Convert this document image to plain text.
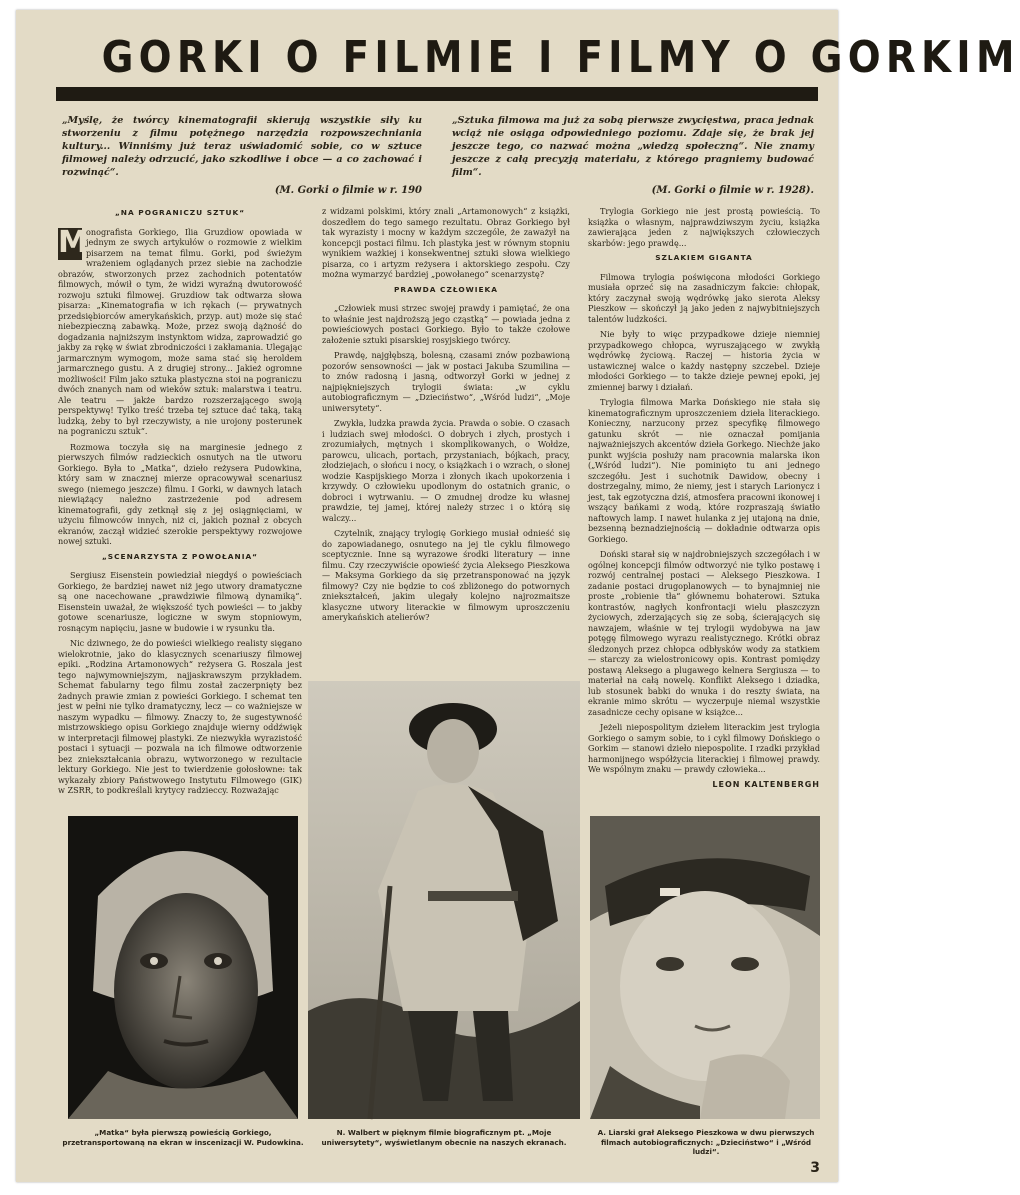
GORKI O FILMIE I FILMY O GORKIM
„Myślę, że twórcy kinematografii skierują wszystkie siły ku stworzeniu z filmu potężnego narzędzia rozpowszechniania kultury... Winniśmy już teraz uświadomić sobie, co w sztuce filmowej należy odrzucić, jako szkodliwe i obce — a co zachować i rozwinąć“.
(M. Gorki o filmie w r. 190
„Sztuka filmowa ma już za sobą pierwsze zwycięstwa, praca jednak wciąż nie osiąga odpowiedniego poziomu. Zdaje się, że brak jej jeszcze tego, co nazwać można „wiedzą społeczną“. Nie znamy jeszcze z całą precyzją materiału, z którego pragniemy budować film“.
(M. Gorki o filmie w r. 1928).
„NA POGRANICZU SZTUK“

M
onografista Gorkiego, Ilia Gruzdiow opowiada w jednym ze swych artykułów o rozmowie z wielkim pisarzem na temat filmu. Gorki, pod świeżym wrażeniem oglądanych przez siebie na zachodzie obrazów, stworzonych przez zachodnich potentatów filmowych, mówił o tym, że widzi wyraźną dwutorowość rozwoju sztuki filmowej. Gruzdiow tak odtwarza słowa pisarza: „Kinematografia w ich rękach (— prywatnych przedsiębiorców amerykańskich, przyp. aut) może się stać niebezpieczną zabawką. Może, przez swoją dążność do dogadzania najniższym instynktom widza, zaprowadzić go jakby za rękę w świat zbrodniczości i zakłamania. Ulegając jarmarcznym wymogom, może sama stać się heroldem jarmarcznego gustu. A z drugiej strony... Jakież ogromne możliwości! Film jako sztuka plastyczna stoi na pograniczu dwóch znanych nam od wieków sztuk: malarstwa i teatru. Ale teatru — jakże bardzo rozszerzającego swoją perspektywę! Tylko treść trzeba tej sztuce dać taką, taką ludzką, żeby to był rzeczywisty, a nie urojony posterunek na pograniczu sztuk“.

Rozmowa toczyła się na marginesie jednego z pierwszych filmów radzieckich osnutych na tle utworu Gorkiego. Była to „Matka“, dzieło reżysera Pudowkina, który sam w znacznej mierze opracowywał scenariusz swego (niemego jeszcze) filmu. I Gorki, w dawnych latach niewiążący należno zastrzeżenie pod adresem kinematografii, gdy zetknął się z jej osiągnięciami, w użyciu filmowców innych, niż ci, jakich poznał z obcych ekranów, zaczął widzieć szerokie perspektywy rozwojowe nowej sztuki.

„SCENARZYSTA Z POWOŁANIA“

Sergiusz Eisenstein powiedział niegdyś o powieściach Gorkiego, że bardziej nawet niż jego utwory dramatyczne są one nacechowane „prawdziwie filmową dynamiką“. Eisenstein uważał, że większość tych powieści — to jakby gotowe scenariusze, logiczne w swym stopniowym, rosnącym napięciu, jasne w budowie i w rysunku tła.

Nic dziwnego, że do powieści wielkiego realisty sięgano wielokrotnie, jako do klasycznych scenariuszy filmowej epiki. „Rodzina Artamonowych“ reżysera G. Roszala jest tego najwymowniejszym, najjaskrawszym przykładem. Schemat fabularny tego filmu został zaczerpnięty bez żadnych prawie zmian z powieści Gorkiego. I schemat ten jest w pełni nie tylko dramatyczny, lecz — co ważniejsze w naszym wypadku — filmowy. Znaczy to, że sugestywność mistrzowskiego opisu Gorkiego znajduje wierny oddźwięk w interpretacji filmowej plastyki. Ze niezwykła wyrazistość postaci i sytuacji — pozwala na ich filmowe odtworzenie bez zniekształcania obrazu, wytworzonego w rezultacie lektury Gorkiego. Nie jest to twierdzenie gołosłowne: tak wykazały zbiory Państwowego Instytutu Filmowego (GIK) w ZSRR, to podkreślali krytycy radzieccy. Rozważając

z widzami polskimi, który znali „Artamonowych“ z książki, doszedłem do tego samego rezultatu. Obraz Gorkiego był tak wyrazisty i mocny w każdym szczególe, że zaważył na koncepcji postaci filmu. Ich plastyka jest w równym stopniu wynikiem ważkiej i konsekwentnej sztuki słowa wielkiego pisarza, co i artyzm reżysera i aktorskiego zespołu. Czy można wymarzyć bardziej „powołanego“ scenarzystę?

PRAWDA CZŁOWIEKA

„Człowiek musi strzec swojej prawdy i pamiętać, że ona to właśnie jest najdroższą jego cząstką“ — powiada jedna z powieściowych postaci Gorkiego. Było to także czołowe założenie sztuki pisarskiej rosyjskiego twórcy.

Prawdę, najgłębszą, bolesną, czasami znów pozbawioną pozorów sensowności — jak w postaci Jakuba Szumilina — to znów radosną i jasną, odtworzył Gorki w jednej z najpiękniejszych trylogii świata: „w cyklu autobiograficznym — „Dzieciństwo“, „Wśród ludzi“, „Moje uniwersytety“.

Zwykła, ludzka prawda życia. Prawda o sobie. O czasach i ludziach swej młodości. O dobrych i złych, prostych i zrozumiałych, mętnych i skomplikowanych, o Wołdze, parowcu, ulicach, portach, przystaniach, bójkach, pracy, złodziejach, o słońcu i nocy, o książkach i o wzrach, o słonej wodzie Kaspijskiego Morza i złonych ikach upokorzenia i krzywdy. O człowieku upodlonym do ostatnich granic, o dobroci i wytrwaniu. — O zmudnej drodze ku własnej prawdzie, tej jamej, której należy strzec i o którą się walczy...

Czytelnik, znający trylogię Gorkiego musiał odnieść się do zapowiadanego, osnutego na jej tle cyklu filmowego sceptycznie. Inne są wyrazowe środki literatury — inne filmu. Czy rzeczywiście opowieść życia Aleksego Pieszkowa — Maksyma Gorkiego da się przetransponować na język filmowy? Czy nie będzie to coś zbliżonego do potwornych zniekształceń, jakim ulegały kolejno najrozmaitsze klasyczne utwory literackie w filmowym uproszczeniu amerykańskich atelierów?

Trylogia Gorkiego nie jest prostą powieścią. To książka o własnym, najprawdziwszym życiu, książka zawierająca jeden z największych człowieczych skarbów: jego prawdę...

SZLAKIEM GIGANTA

Filmowa trylogia poświęcona młodości Gorkiego musiała oprzeć się na zasadniczym fakcie: chłopak, który zaczynał swoją wędrówkę jako sierota Aleksy Pieszkow — skończył ją jako jeden z najwybitniejszych talentów ludzkości.

Nie były to więc przypadkowe dzieje niemniej przypadkowego chłopca, wyruszającego w zwykłą wędrówkę życiową. Raczej — historia życia w ustawicznej walce o każdy następny szczebel. Dzieje młodości Gorkiego — to także dzieje pewnej epoki, jej zmiennej barwy i działań.

Trylogia filmowa Marka Dońskiego nie stała się kinematograficznym uproszczeniem dzieła literackiego. Konieczny, narzucony przez specyfikę filmowego gatunku skrót — nie oznaczał pomijania najważniejszych akcentów dzieła Gorkego. Niechże jako punkt wyjścia posłuży nam pracownia malarska ikon („Wśród ludzi“). Nie pominięto tu ani jednego szczegółu. Jest i suchotnik Dawidow, obecny i dostrzegalny, mimo, że niemy, jest i starych Larionycz i jest, tak egzotyczna dziś, atmosfera pracowni ikonowej i wszący bańkami z wodą, które rozpraszają światło naftowych lamp. I nawet hulanka z jej utajoną na dnie, bezsenną beznadziejnością — dokładnie odtwarza opis Gorkiego.

Doński starał się w najdrobniejszych szczegółach i w ogólnej koncepcji filmów odtworzyć nie tylko postawę i rozwój centralnej postaci — Aleksego Pieszkowa. I zadanie postaci drugoplanowych — to bynajmniej nie proste „robienie tła“ głównemu bohaterowi. Sztuka kontrastów, nagłych konfrontacji wielu płaszczyzn życiowych, zderzających się ze sobą, ścierających się nawzajem, właśnie w tej trylogii wydobywa na jaw potęgę filmowego wyrazu realistycznego. Krótki obraz śledzonych przez chłopca odbłysków wody za statkiem — starczy za wielostronicowy opis. Kontrast pomiędzy postawą Aleksego a plugawego kelnera Sergiusza — to materiał na całą nowelę. Konflikt Aleksego i dziadka, lub stosunek babki do wnuka i do reszty świata, na ekranie mimo skrótu — wyczerpuje niemal wszystkie zasadnicze cechy opisane w książce...

Jeżeli niepospolitym dziełem literackim jest trylogia Gorkiego o samym sobie, to i cykl filmowy Dońskiego o Gorkim — stanowi dzieło niepospolite. I rzadki przykład harmonijnego współżycia literackiej i filmowej prawdy. We wspólnym znaku — prawdy człowieka...

LEON KALTENBERGH
„Matka“ była pierwszą powieścią Gorkiego, przetransportowaną na ekran w inscenizacji W. Pudowkina.
N. Walbert w pięknym filmie biograficznym pt. „Moje uniwersytety“, wyświetlanym obecnie na naszych ekranach.
A. Liarski grał Aleksego Pieszkowa w dwu pierwszych filmach autobiograficznych: „Dzieciństwo“ i „Wśród ludzi“.
3
